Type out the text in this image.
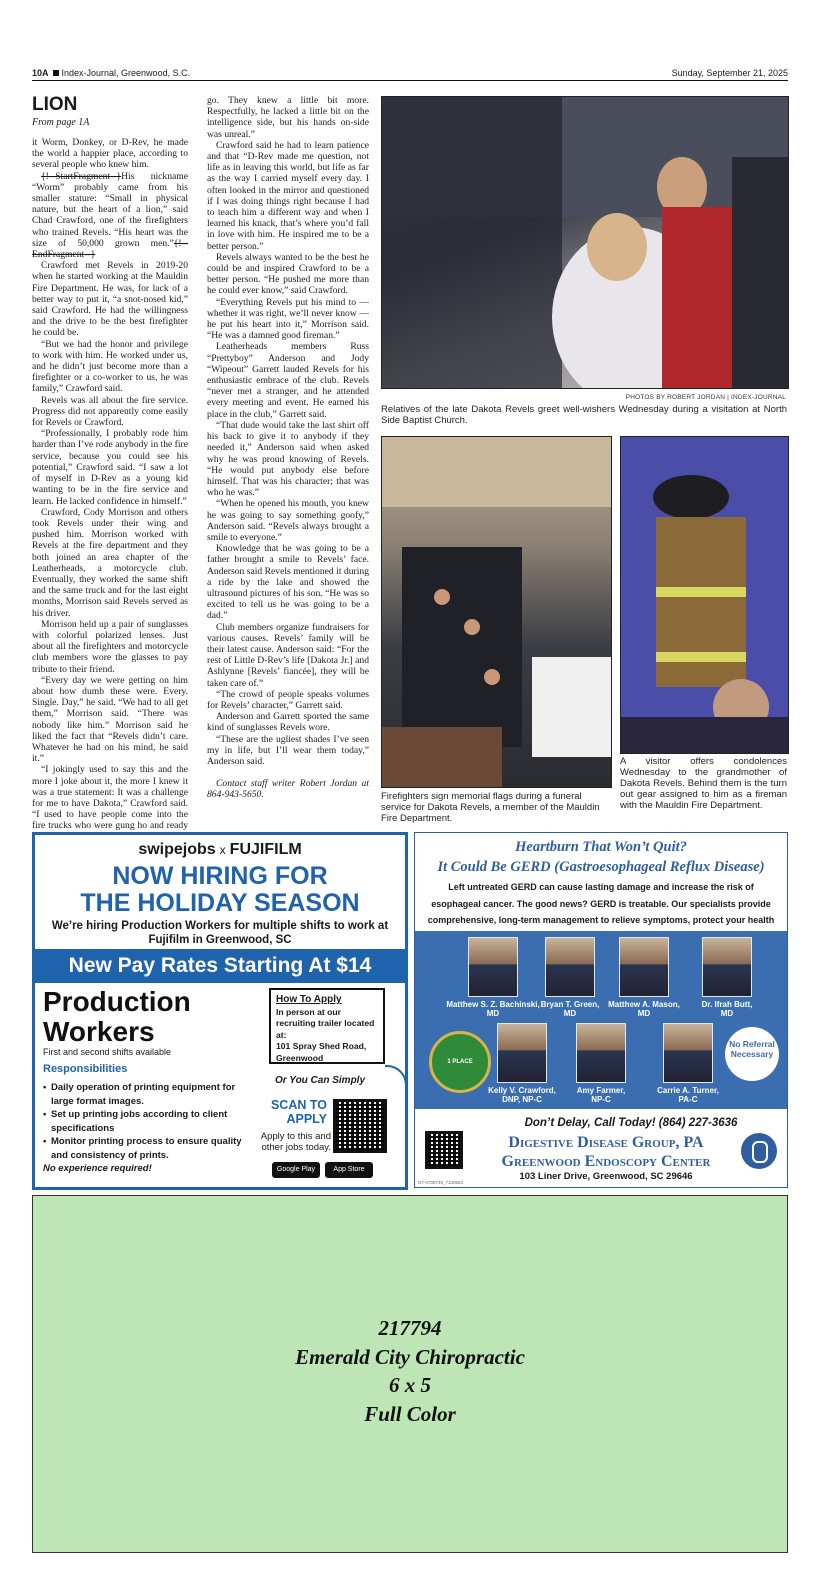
10A Index-Journal, Greenwood, S.C.	Sunday, September 21, 2025
LION
From page 1A

it Worm, Donkey, or D-Rev, he made the world a happier place, according to several people who knew him.

{!--StartFragment--}His nickname “Worm” probably came from his smaller stature: “Small in physical nature, but the heart of a lion,” said Chad Crawford, one of the firefighters who trained Revels. “His heart was the size of 50,000 grown men.”{!--EndFragment--}

Crawford met Revels in 2019-20 when he started working at the Mauldin Fire Department. He was, for lack of a better way to put it, “a snot-nosed kid,” said Crawford. He had the willingness and the drive to be the best firefighter he could be.

“But we had the honor and privilege to work with him. He worked under us, and he didn’t just become more than a firefighter or a co-worker to us, he was family,” Crawford said.

Revels was all about the fire service. Progress did not apparently come easily for Revels or Crawford.

“Professionally, I probably rode him harder than I’ve rode anybody in the fire service, because you could see his potential,” Crawford said. “I saw a lot of myself in D-Rev as a young kid wanting to be in the fire service and learn. He lacked confidence in himself.”

Crawford, Cody Morrison and others took Revels under their wing and pushed him. Morrison worked with Revels at the fire department and they both joined an area chapter of the Leatherheads, a motorcycle club. Eventually, they worked the same shift and the same truck and for the last eight months, Morrison said Revels served as his driver.

Morrison held up a pair of sunglasses with colorful polarized lenses. Just about all the firefighters and motorcycle club members wore the glasses to pay tribute to their friend.

“Every day we were getting on him about how dumb these were. Every. Single. Day,” he said. “We had to all get them,” Morrison said. “There was nobody like him.” Morrison said he liked the fact that “Revels didn’t care. Whatever he had on his mind, he said it.”

“I jokingly used to say this and the more I joke about it, the more I knew it was a true statement: It was a challenge for me to have Dakota,” Crawford said. “I used to have people come into the fire trucks who were gung ho and ready

go. They knew a little bit more. Respectfully, he lacked a little bit on the intelligence side, but his hands on-side was unreal.”

Crawford said he had to learn patience and that “D-Rev made me question, not life as in leaving this world, but life as far as the way I carried myself every day. I often looked in the mirror and questioned if I was doing things right because I had to teach him a different way and when I learned his knack, that’s where you’d fall in love with him. He inspired me to be a better person.”

Revels always wanted to be the best he could be and inspired Crawford to be a better person. “He pushed me more than he could ever know,” said Crawford.

“Everything Revels put his mind to — whether it was right, we’ll never know — he put his heart into it,” Morrison said. “He was a damned good fireman.”

Leatherheads members Russ “Prettyboy” Anderson and Jody “Wipeout” Garrett lauded Revels for his enthusiastic embrace of the club. Revels “never met a stranger, and he attended every meeting and event. He earned his place in the club,” Garrett said.

“That dude would take the last shirt off his back to give it to anybody if they needed it,” Anderson said when asked why he was proud knowing of Revels. “He would put anybody else before himself. That was his character; that was who he was.”

“When he opened his mouth, you knew he was going to say something goofy,” Anderson said. “Revels always brought a smile to everyone.”

Knowledge that he was going to be a father brought a smile to Revels’ face. Anderson said Revels mentioned it during a ride by the lake and showed the ultrasound pictures of his son. “He was so excited to tell us he was going to be a dad.”

Club members organize fundraisers for various causes. Revels’ family will be their latest cause. Anderson said: “For the rest of Little D-Rev’s life [Dakota Jr.] and Ashlynne [Revels’ fiancée], they will be taken care of.”

“The crowd of people speaks volumes for Revels’ character,” Garrett said.

Anderson and Garrett sported the same kind of sunglasses Revels wore.

“These are the ugliest shades I’ve seen my in life, but I’ll wear them today,” Anderson said.

Contact staff writer Robert Jordan at 864-943-5650.

PHOTOS BY ROBERT JORDAN | INDEX-JOURNAL
Relatives of the late Dakota Revels greet well-wishers Wednesday during a visitation at North Side Baptist Church.
Firefighters sign memorial flags during a funeral service for Dakota Revels, a member of the Mauldin Fire Department.
A visitor offers condolences Wednesday to the grandmother of Dakota Revels. Behind them is the turn out gear assigned to him as a fireman with the Mauldin Fire Department.
swipejobs x FUJIFILM
NOW HIRING FOR
THE HOLIDAY SEASON
We’re hiring Production Workers for multiple shifts to work at Fujifilm in Greenwood, SC
New Pay Rates Starting At $14
Production
Workers
First and second shifts available
Responsibilities
• Daily operation of printing equipment for large format images.
• Set up printing jobs according to client specifications
• Monitor printing process to ensure quality and consistency of prints.
No experience required!
How To Apply
In person at our recruiting trailer located at:
101 Spray Shed Road,
Greenwood
Or You Can Simply
SCAN TO
APPLY
Apply to this and other jobs today.
Google Play	App Store
Heartburn That Won’t Quit?
It Could Be GERD (Gastroesophageal Reflux Disease)
Left untreated GERD can cause lasting damage and increase the risk of esophageal cancer. The good news? GERD is treatable. Our specialists provide comprehensive, long-term management to relieve symptoms, protect your health
Matthew S. Z. Bachinski,
MD
Bryan T. Green,
MD
Matthew A. Mason,
MD
Dr. Ifrah Butt,
MD
1 PLACE
Kelly V. Crawford,
DNP, NP-C
Amy Farmer,
NP-C
Carrie A. Turner,
PA-C
No Referral Necessary
Don’t Delay, Call Today! (864) 227-3636
Digestive Disease Group, PA
Greenwood Endoscopy Center
103 Liner Drive, Greenwood, SC 29646
GT-0708748_7100653
217794
Emerald City Chiropractic
6 x 5
Full Color
